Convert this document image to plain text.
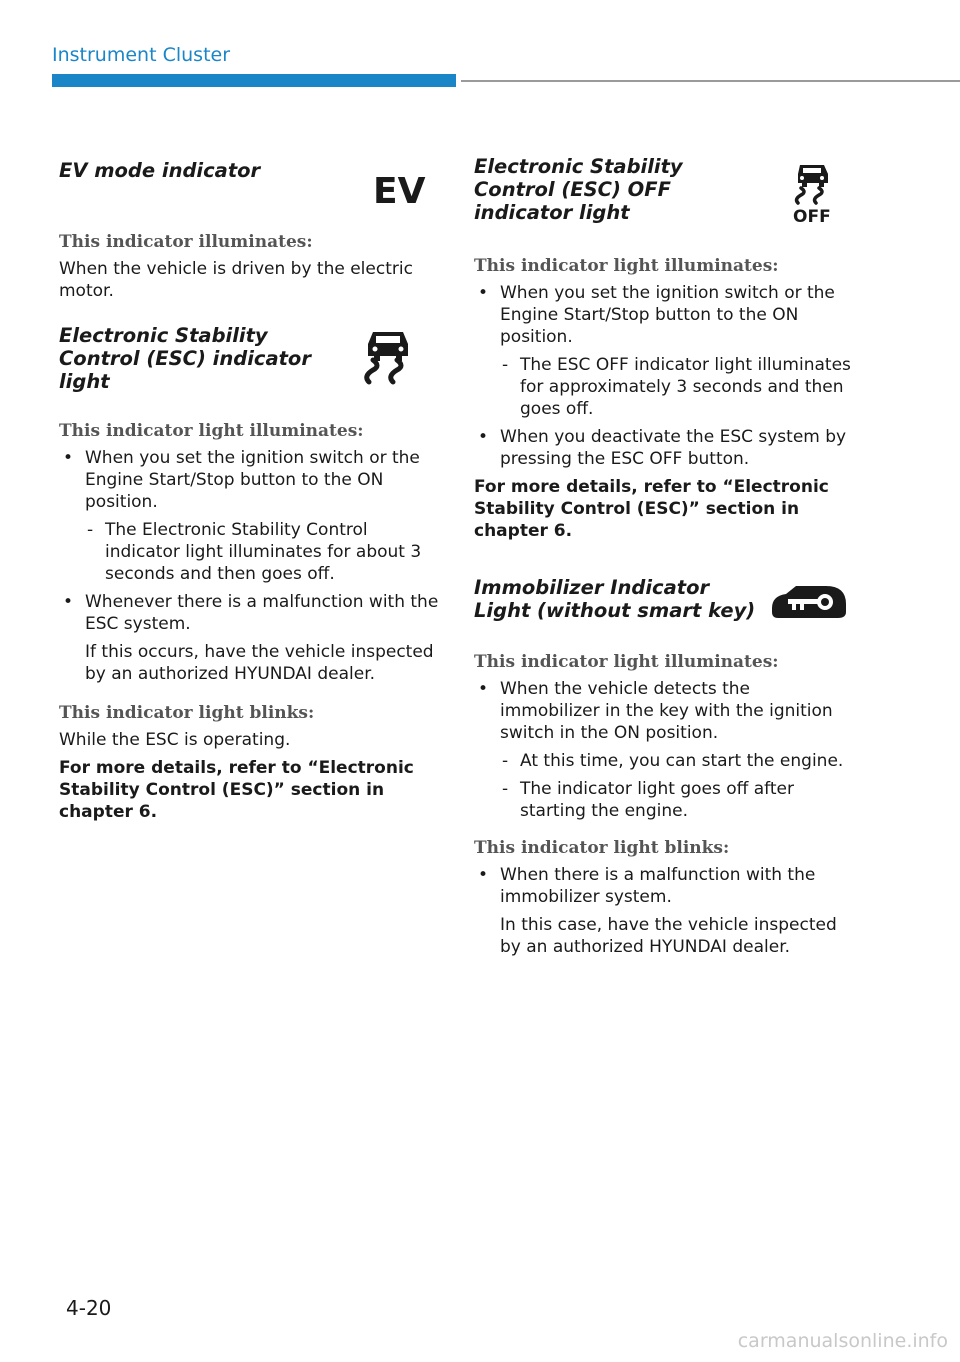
Instrument Cluster
EV mode indicator
EV

This indicator illuminates:

When the vehicle is driven by the electric motor.

Electronic Stability Control (ESC) indicator light

This indicator light illuminates:

• When you set the ignition switch or the Engine Start/Stop button to the ON position.
- The Electronic Stability Control indicator light illuminates for about 3 seconds and then goes off.
• Whenever there is a malfunction with the ESC system.
If this occurs, have the vehicle inspected by an authorized HYUNDAI dealer.

This indicator light blinks:

While the ESC is operating.

For more details, refer to “Electronic Stability Control (ESC)” section in chapter 6.

Electronic Stability Control (ESC) OFF indicator light	OFF

This indicator light illuminates:

• When you set the ignition switch or the Engine Start/Stop button to the ON position.
- The ESC OFF indicator light illuminates for approximately 3 seconds and then goes off.
• When you deactivate the ESC system by pressing the ESC OFF button.

For more details, refer to “Electronic Stability Control (ESC)” section in chapter 6.

Immobilizer Indicator Light (without smart key)

This indicator light illuminates:

• When the vehicle detects the immobilizer in the key with the ignition switch in the ON position.
- At this time, you can start the engine.
- The indicator light goes off after starting the engine.

This indicator light blinks:

• When there is a malfunction with the immobilizer system.
In this case, have the vehicle inspected by an authorized HYUNDAI dealer.
4-20
carmanualsonline.info
